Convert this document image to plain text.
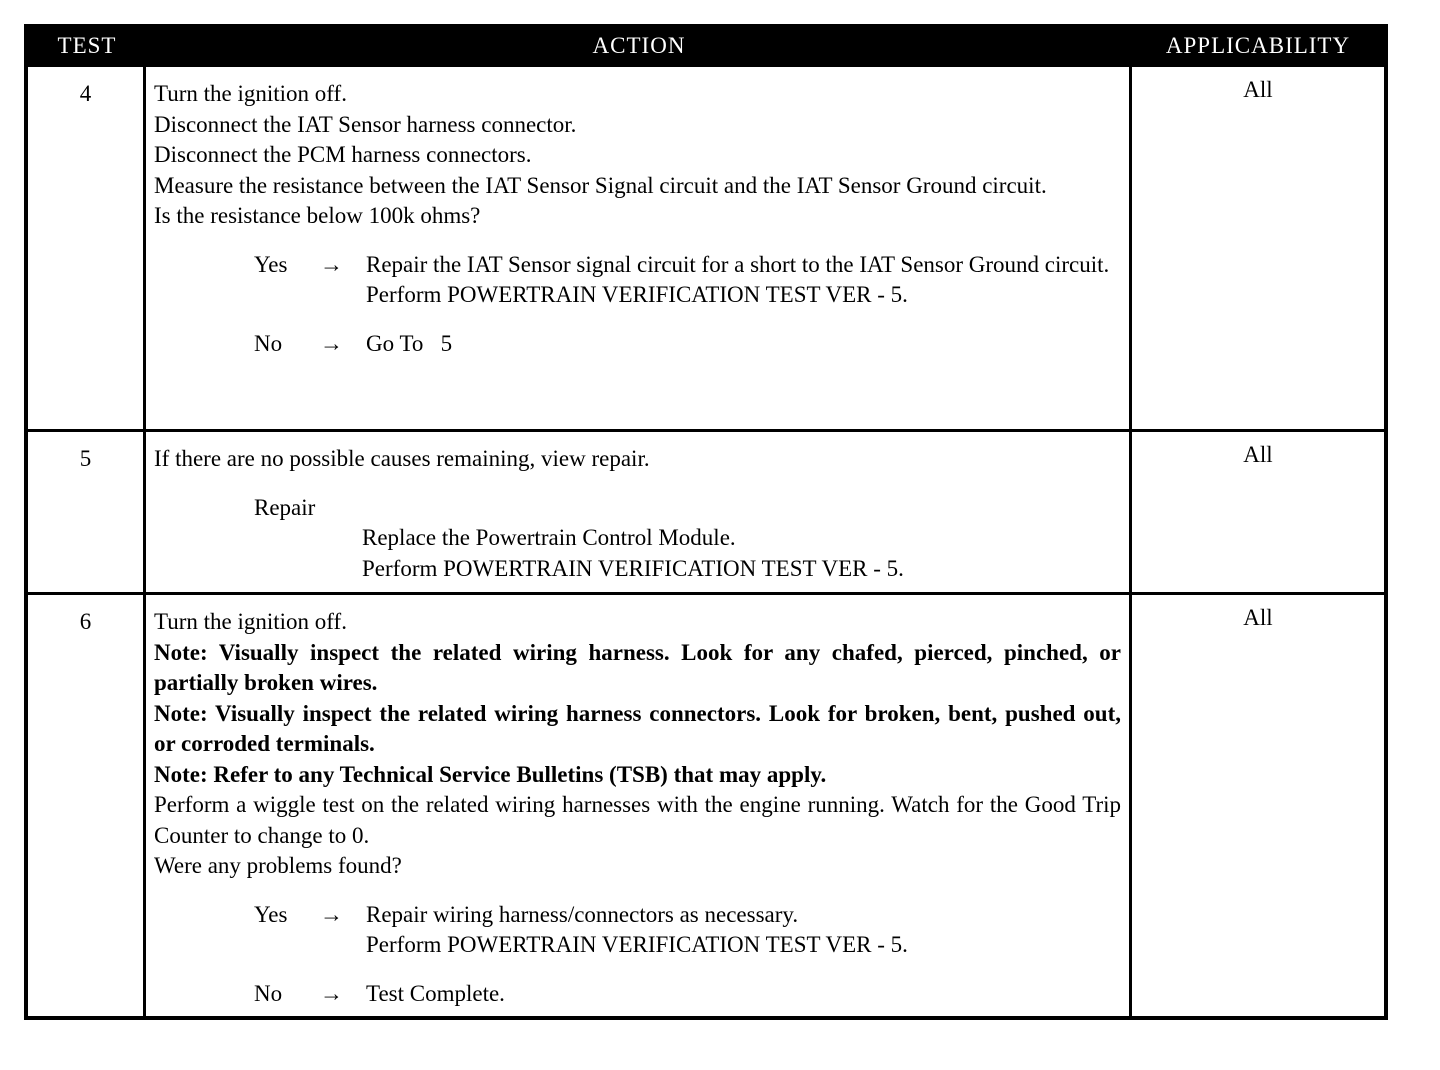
TEST	ACTION	APPLICABILITY
4	Turn the ignition off.
Disconnect the IAT Sensor harness connector.
Disconnect the PCM harness connectors.
Measure the resistance between the IAT Sensor Signal circuit and the IAT Sensor Ground circuit.
Is the resistance below 100k ohms?
Yes	→	Repair the IAT Sensor signal circuit for a short to the IAT Sensor Ground circuit.
Perform POWERTRAIN VERIFICATION TEST VER - 5.
No	→	Go To   5
All
5	If there are no possible causes remaining, view repair.
Repair
Replace the Powertrain Control Module.
Perform POWERTRAIN VERIFICATION TEST VER - 5.
All
6	Turn the ignition off.
Note: Visually inspect the related wiring harness. Look for any chafed, pierced, pinched, or partially broken wires.
Note: Visually inspect the related wiring harness connectors. Look for broken, bent, pushed out, or corroded terminals.
Note: Refer to any Technical Service Bulletins (TSB) that may apply.
Perform a wiggle test on the related wiring harnesses with the engine running. Watch for the Good Trip Counter to change to 0.
Were any problems found?
Yes	→	Repair wiring harness/connectors as necessary.
Perform POWERTRAIN VERIFICATION TEST VER - 5.
No	→	Test Complete.
All
